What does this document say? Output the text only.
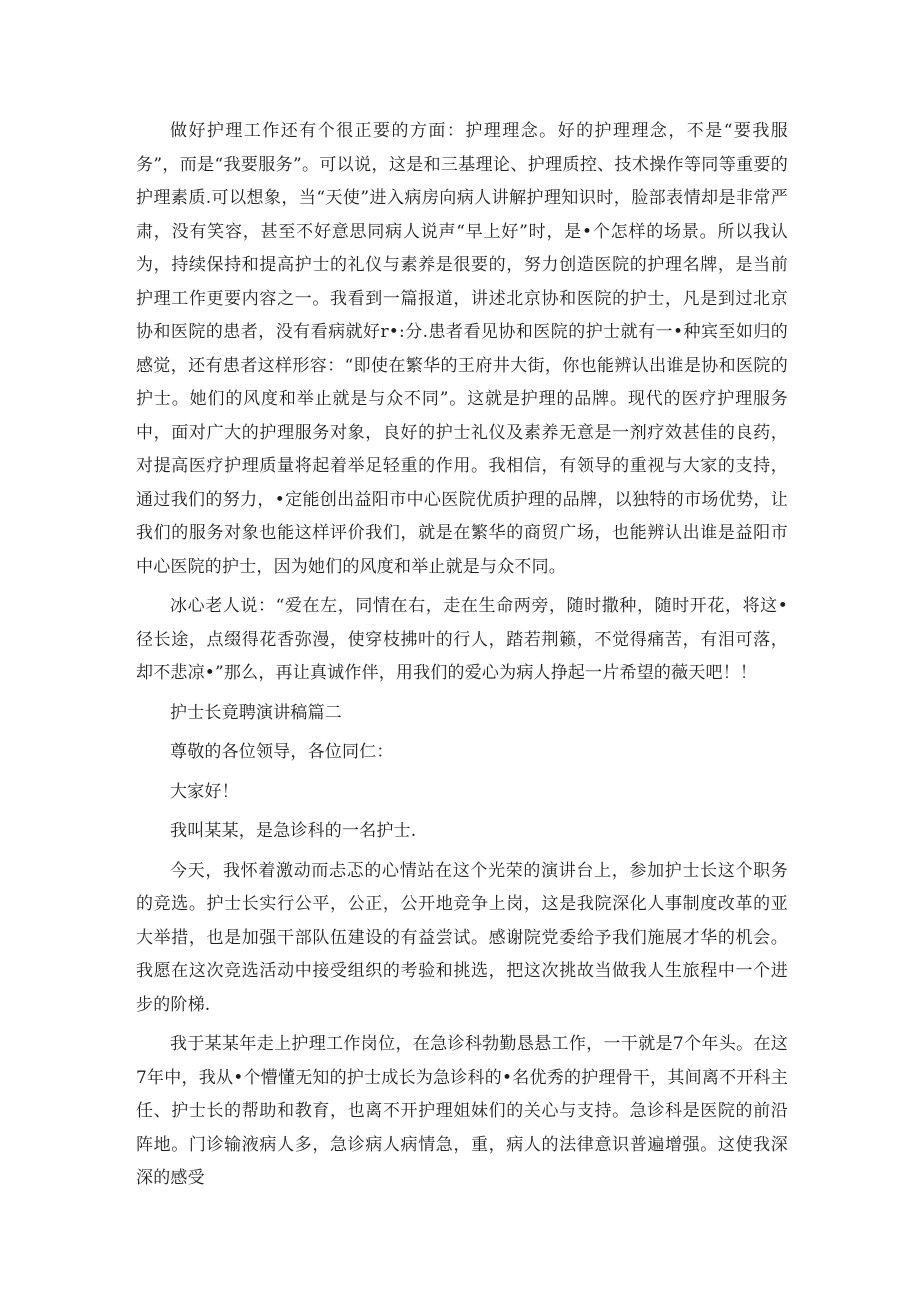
做好护理工作还有个很正要的方面：护理理念。好的护理理念，不是“要我服务”，而是“我要服务”。可以说，这是和三基理论、护理质控、技术操作等同等重要的护理素质.可以想象，当“天使”进入病房向病人讲解护理知识时，脸部表情却是非常严肃，没有笑容，甚至不好意思同病人说声“早上好”时，是•个怎样的场景。所以我认为，持续保持和提高护士的礼仪与素养是很要的，努力创造医院的护理名牌，是当前护理工作更要内容之一。我看到一篇报道，讲述北京协和医院的护士，凡是到过北京协和医院的患者，没有看病就好r•:分.患者看见协和医院的护士就有一•种宾至如归的感觉，还有患者这样形容：“即使在繁华的王府井大街，你也能辨认出谁是协和医院的护士。她们的风度和举止就是与众不同”。这就是护理的品牌。现代的医疗护理服务中，面对广大的护理服务对象，良好的护士礼仪及素养无意是一剂疗效甚佳的良药，对提高医疗护理质量将起着举足轻重的作用。我相信，有领导的重视与大家的支持，通过我们的努力，•定能创出益阳市中心医院优质护理的品牌，以独特的市场优势，让我们的服务对象也能这样评价我们，就是在繁华的商贸广场，也能辨认出谁是益阳市中心医院的护士，因为她们的风度和举止就是与众不同。

冰心老人说：“爱在左，同情在右，走在生命两旁，随时撒种，随时开花，将这•径长途，点缀得花香弥漫，使穿枝拂叶的行人，踏若荆籁，不觉得痛苦，有泪可落，却不悲凉•”那么，再让真诚作伴，用我们的爱心为病人挣起一片希望的薇天吧！！

护士长竟聘演讲稿篇二

尊敬的各位领导，各位同仁：

大家好！

我叫某某，是急诊科的一名护士.

今天，我怀着激动而忐忑的心情站在这个光荣的演讲台上，参加护士长这个职务的竞选。护士长实行公平，公正，公开地竞争上岗，这是我院深化人事制度改革的亚大举措，也是加强干部队伍建设的有益尝试。感谢院党委给予我们施展才华的机会。我愿在这次竞选活动中接受组织的考验和挑选，把这次挑故当做我人生旅程中一个进步的阶梯.

我于某某年走上护理工作岗位，在急诊科勃勤恳悬工作，一干就是7个年头。在这7年中，我从•个懵懂无知的护士成长为急诊科的•名优秀的护理骨干，其间离不开科主任、护士长的帮助和教育，也离不开护理姐妹们的关心与支持。急诊科是医院的前沿阵地。门诊输液病人多，急诊病人病情急，重，病人的法律意识普遍增强。这使我深深的感受
